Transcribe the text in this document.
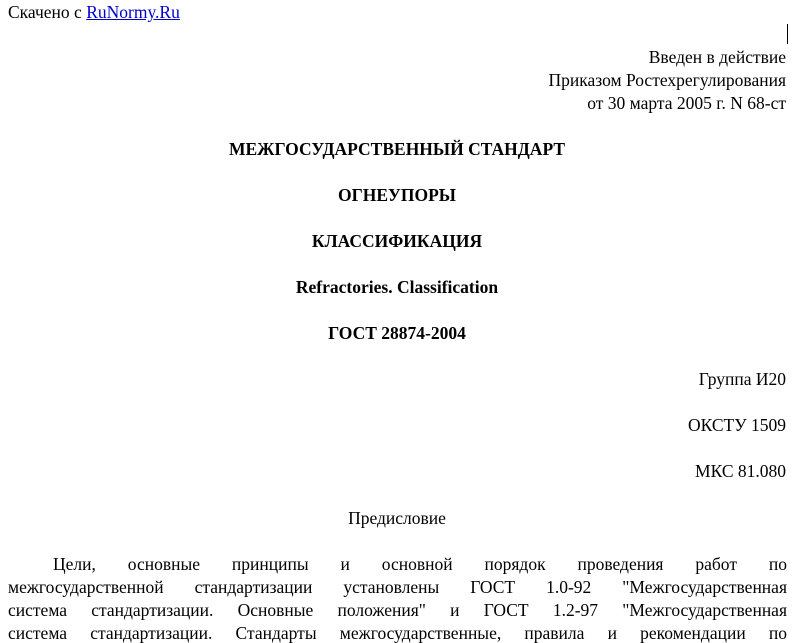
Скачено с RuNormy.Ru
Введен в действие
Приказом Ростехрегулирования
от 30 марта 2005 г. N 68-ст
МЕЖГОСУДАРСТВЕННЫЙ СТАНДАРТ
ОГНЕУПОРЫ
КЛАССИФИКАЦИЯ
Refractories. Classification
ГОСТ 28874-2004
Группа И20
ОКСТУ 1509
МКС 81.080
Предисловие
Цели, основные принципы и основной порядок проведения работ по
межгосударственной стандартизации установлены ГОСТ 1.0-92 "Межгосударственная
система стандартизации. Основные положения" и ГОСТ 1.2-97 "Межгосударственная
система стандартизации. Стандарты межгосударственные, правила и рекомендации по
